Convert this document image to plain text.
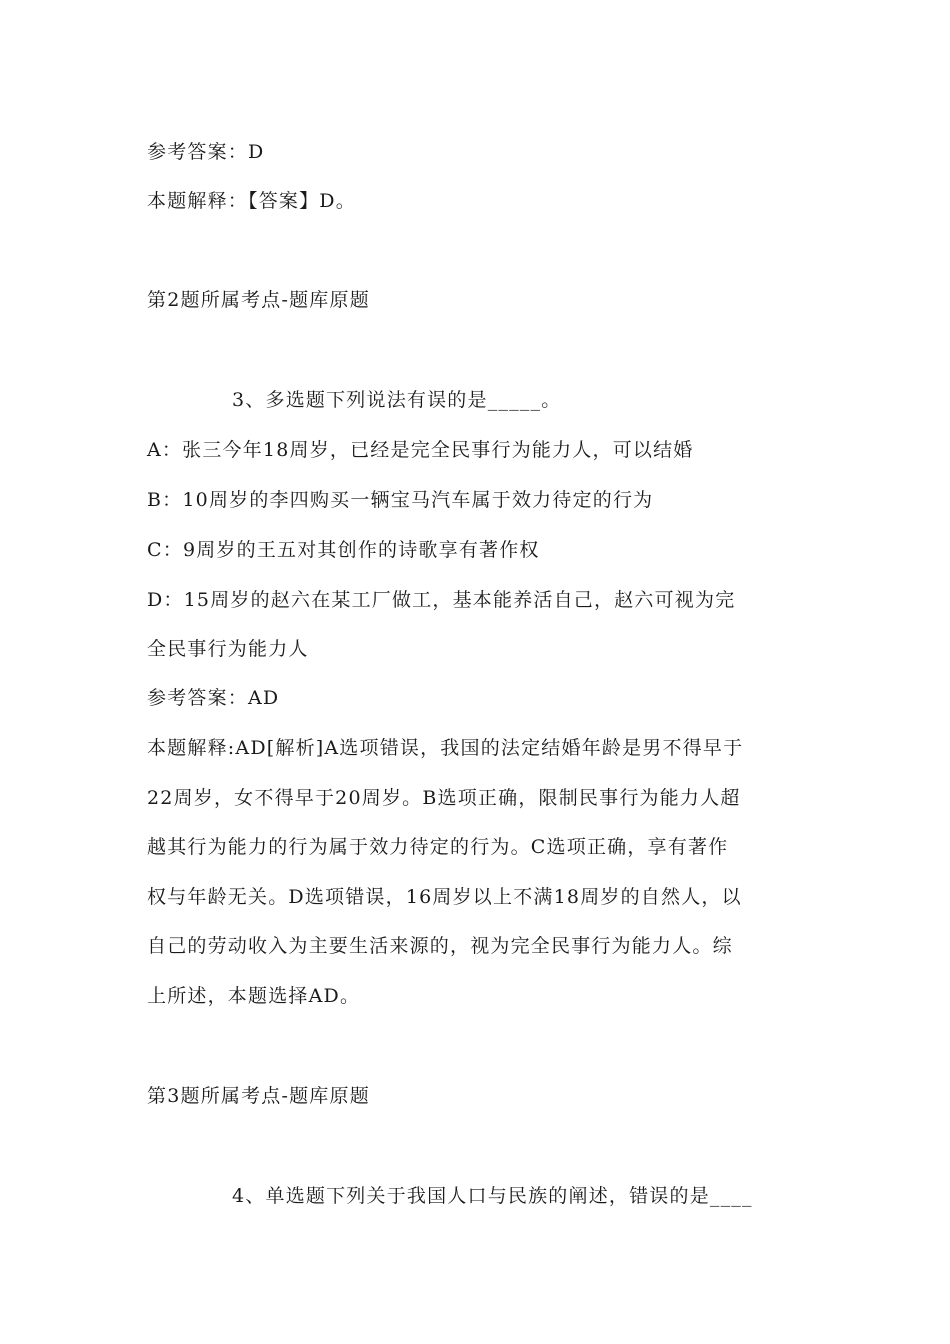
参考答案：D
本题解释：【答案】D。
第2题所属考点-题库原题
3、多选题下列说法有误的是_____。
A：张三今年18周岁，已经是完全民事行为能力人，可以结婚
B：10周岁的李四购买一辆宝马汽车属于效力待定的行为
C：9周岁的王五对其创作的诗歌享有著作权
D：15周岁的赵六在某工厂做工，基本能养活自己，赵六可视为完
全民事行为能力人
参考答案：AD
本题解释:AD[解析]A选项错误，我国的法定结婚年龄是男不得早于
22周岁，女不得早于20周岁。B选项正确，限制民事行为能力人超
越其行为能力的行为属于效力待定的行为。C选项正确，享有著作
权与年龄无关。D选项错误，16周岁以上不满18周岁的自然人，以
自己的劳动收入为主要生活来源的，视为完全民事行为能力人。综
上所述，本题选择AD。
第3题所属考点-题库原题
4、单选题下列关于我国人口与民族的阐述，错误的是____
